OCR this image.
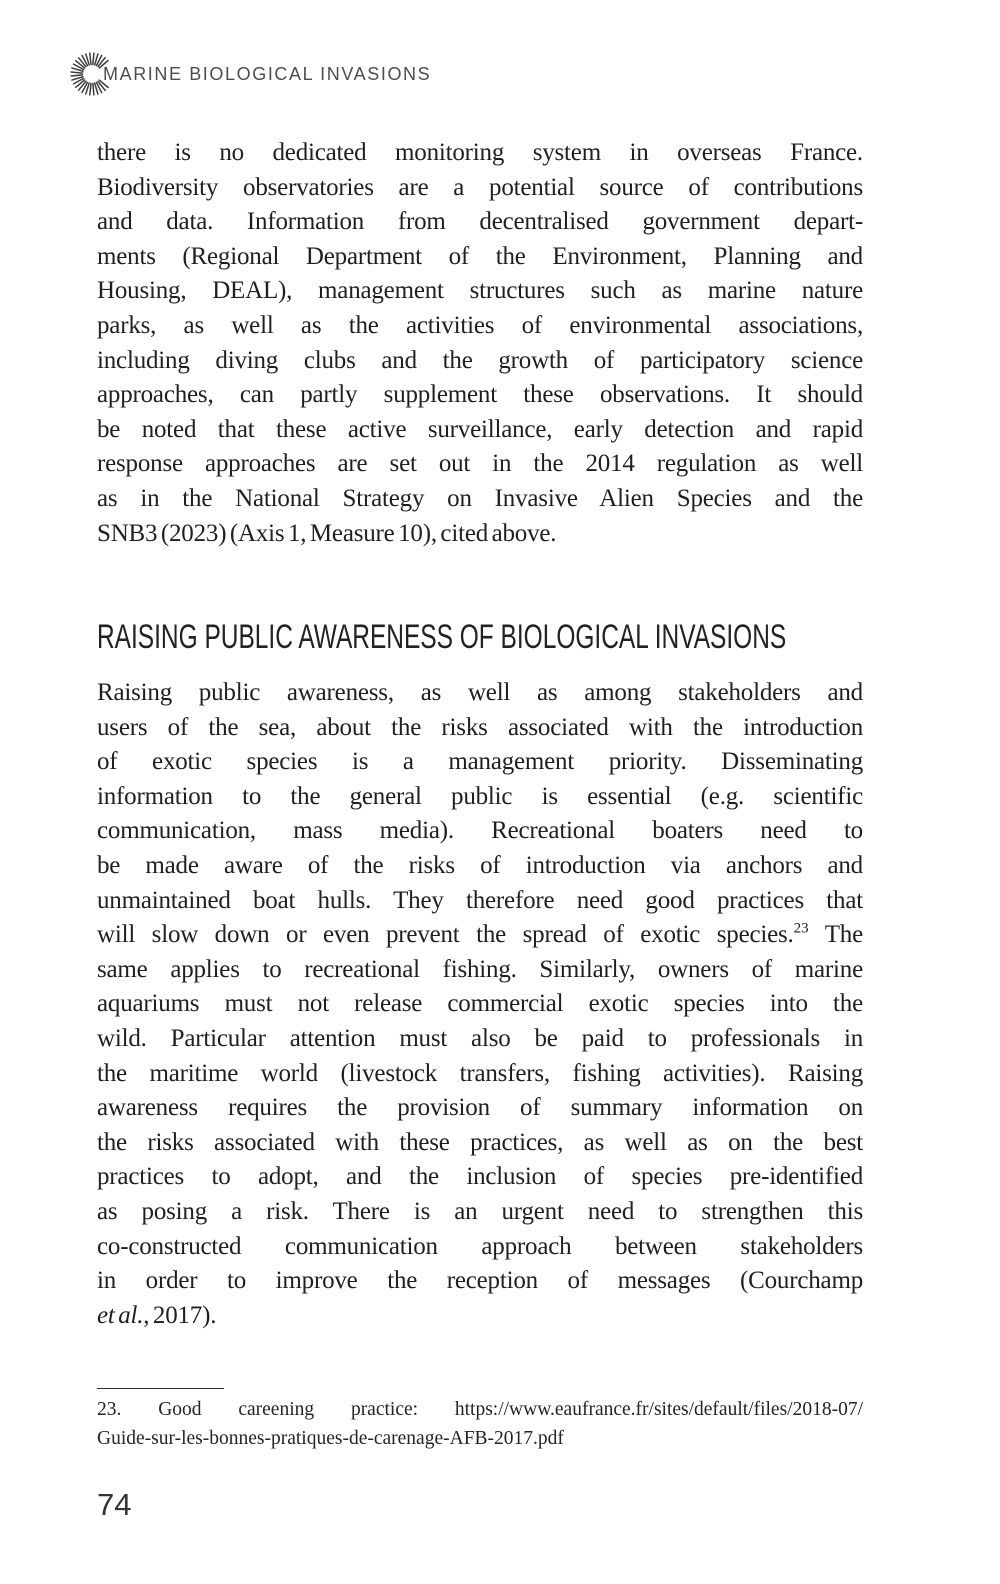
MARINE BIOLOGICAL INVASIONS
there is no dedicated monitoring system in overseas France.
Biodiversity observatories are a potential source of contributions
and data. Information from decentralised government depart-
ments (Regional Department of the Environment, Planning and
Housing, DEAL), management structures such as marine nature
parks, as well as the activities of environmental associations,
including diving clubs and the growth of participatory science
approaches, can partly supplement these observations. It should
be noted that these active surveillance, early detection and rapid
response approaches are set out in the 2014 regulation as well
as in the National Strategy on Invasive Alien Species and the
SNB3 (2023) (Axis 1, Measure 10), cited above.
RAISING PUBLIC AWARENESS OF BIOLOGICAL INVASIONS
Raising public awareness, as well as among stakeholders and
users of the sea, about the risks associated with the introduction
of exotic species is a management priority. Disseminating
information to the general public is essential (e.g. scientific
communication, mass media). Recreational boaters need to
be made aware of the risks of introduction via anchors and
unmaintained boat hulls. They therefore need good practices that
will slow down or even prevent the spread of exotic species.$^{23}$ The
same applies to recreational fishing. Similarly, owners of marine
aquariums must not release commercial exotic species into the
wild. Particular attention must also be paid to professionals in
the maritime world (livestock transfers, fishing activities). Raising
awareness requires the provision of summary information on
the risks associated with these practices, as well as on the best
practices to adopt, and the inclusion of species pre-identified
as posing a risk. There is an urgent need to strengthen this
co-constructed communication approach between stakeholders
in order to improve the reception of messages (Courchamp
et al., 2017).
23. Good careening practice: https://www.eaufrance.fr/sites/default/files/2018-07/
Guide-sur-les-bonnes-pratiques-de-carenage-AFB-2017.pdf
74
